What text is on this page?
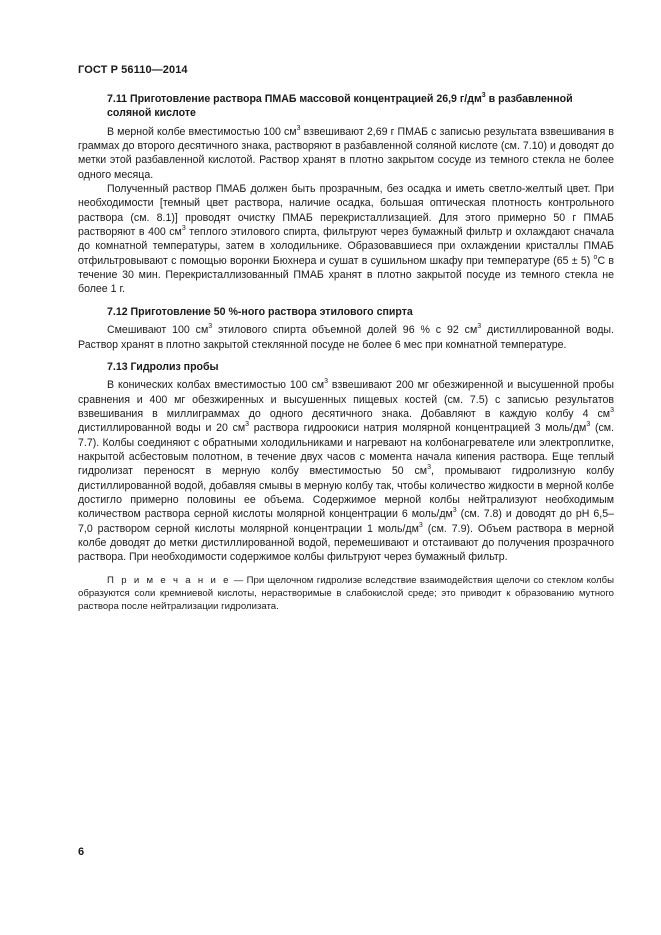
ГОСТ Р 56110—2014

7.11 Приготовление раствора ПМАБ массовой концентрацией 26,9 $г/дм^3$ в разбавленной соляной кислоте

В мерной колбе вместимостью 100 $см^3$ взвешивают 2,69 г ПМАБ с записью результата взвешивания в граммах до второго десятичного знака, растворяют в разбавленной соляной кислоте (см. 7.10) и доводят до метки этой разбавленной кислотой. Раствор хранят в плотно закрытом сосуде из темного стекла не более одного месяца.

Полученный раствор ПМАБ должен быть прозрачным, без осадка и иметь светло-желтый цвет. При необходимости [темный цвет раствора, наличие осадка, большая оптическая плотность контрольного раствора (см. 8.1)] проводят очистку ПМАБ перекристаллизацией. Для этого примерно 50 г ПМАБ растворяют в 400 $см^3$ теплого этилового спирта, фильтруют через бумажный фильтр и охлаждают сначала до комнатной температуры, затем в холодильнике. Образовавшиеся при охлаждении кристаллы ПМАБ отфильтровывают с помощью воронки Бюхнера и сушат в сушильном шкафу при температуре (65 ± 5) $^о$С в течение 30 мин. Перекристаллизованный ПМАБ хранят в плотно закрытой посуде из темного стекла не более 1 г.

7.12 Приготовление 50 %-ного раствора этилового спирта

Смешивают 100 $см^3$ этилового спирта объемной долей 96 % с 92 $см^3$ дистиллированной воды. Раствор хранят в плотно закрытой стеклянной посуде не более 6 мес при комнатной температуре.

7.13 Гидролиз пробы

В конических колбах вместимостью 100 $см^3$ взвешивают 200 мг обезжиренной и высушенной пробы сравнения и 400 мг обезжиренных и высушенных пищевых костей (см. 7.5) с записью результатов взвешивания в миллиграммах до одного десятичного знака. Добавляют в каждую колбу 4 $см^3$ дистиллированной воды и 20 $см^3$ раствора гидроокиси натрия молярной концентрацией 3 моль/$дм^3$ (см. 7.7). Колбы соединяют с обратными холодильниками и нагревают на колбонагревателе или электроплитке, накрытой асбестовым полотном, в течение двух часов с момента начала кипения раствора. Еще теплый гидролизат переносят в мерную колбу вместимостью 50 $см^3$, промывают гидролизную колбу дистиллированной водой, добавляя смывы в мерную колбу так, чтобы количество жидкости в мерной колбе достигло примерно половины ее объема. Содержимое мерной колбы нейтрализуют необходимым количеством раствора серной кислоты молярной концентрации 6 моль/$дм^3$ (см. 7.8) и доводят до рН 6,5–7,0 раствором серной кислоты молярной концентрации 1 моль/$дм^3$ (см. 7.9). Объем раствора в мерной колбе доводят до метки дистиллированной водой, перемешивают и отстаивают до получения прозрачного раствора. При необходимости содержимое колбы фильтруют через бумажный фильтр.

П р и м е ч а н и е — При щелочном гидролизе вследствие взаимодействия щелочи со стеклом колбы образуются соли кремниевой кислоты, нерастворимые в слабокислой среде; это приводит к образованию мутного раствора после нейтрализации гидролизата.

6
